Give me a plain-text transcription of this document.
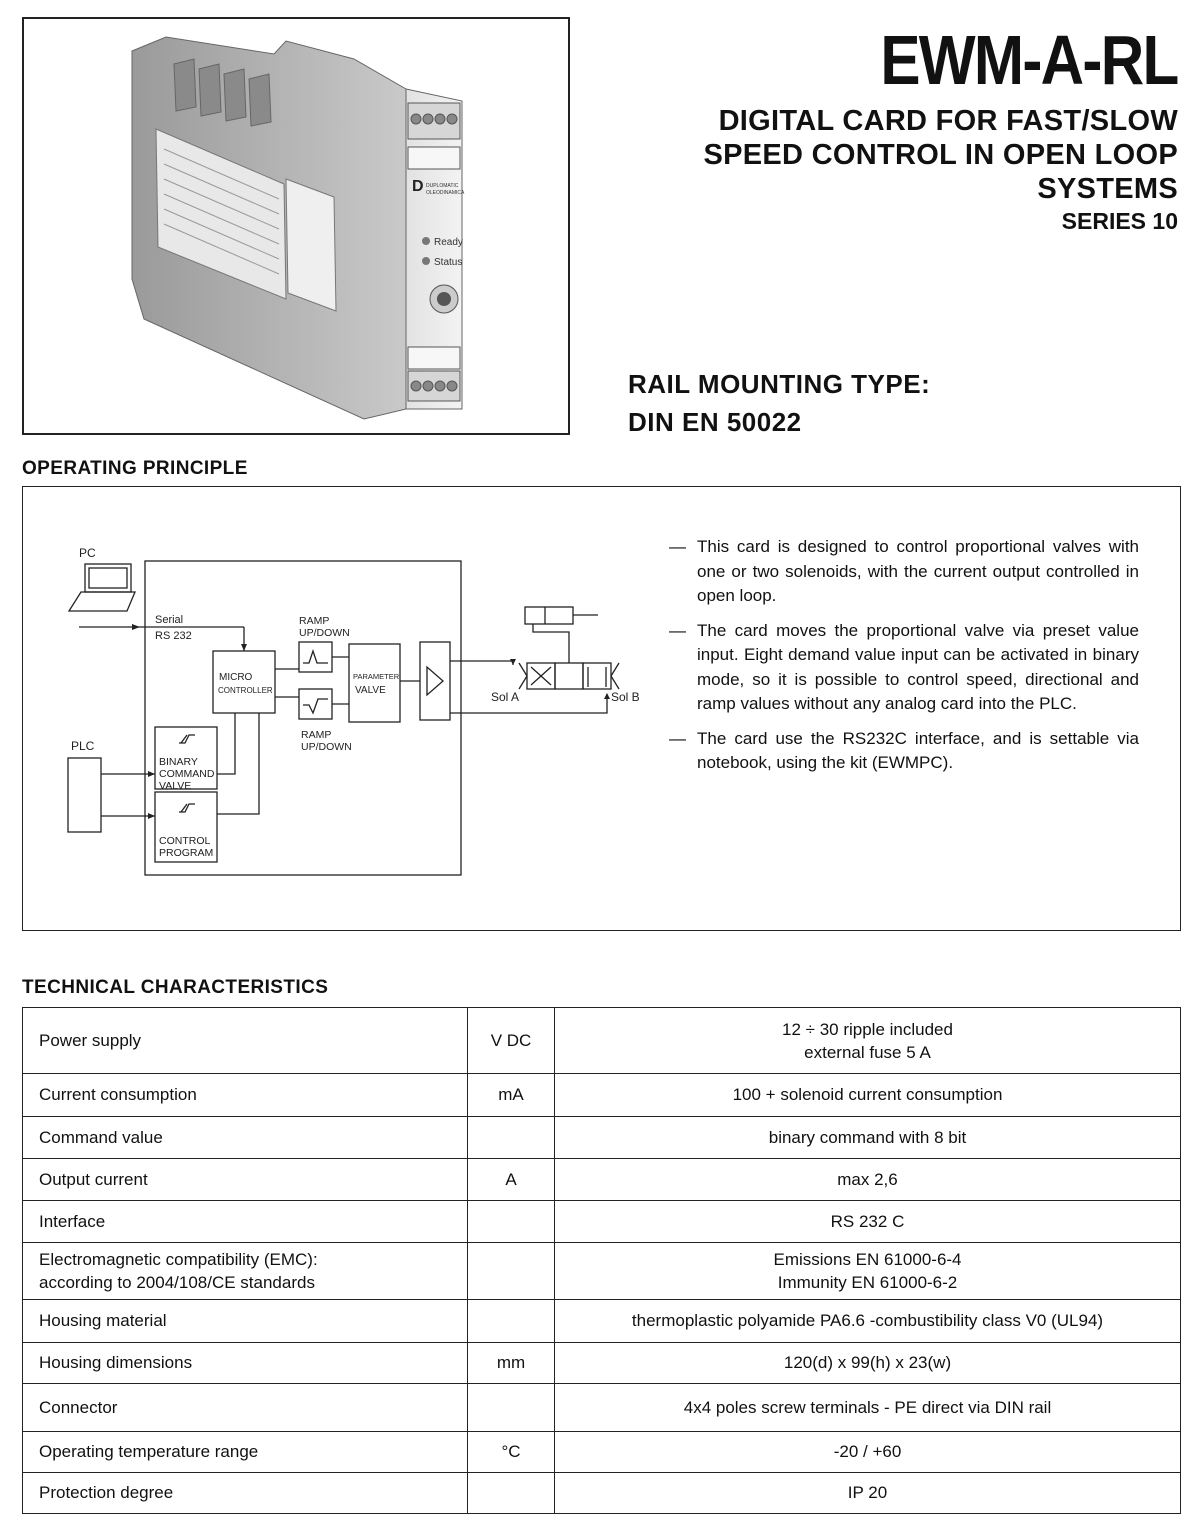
D DUPLOMATIC
OLEODINAMICA
Ready
Status
EWM-A-RL
DIGITAL CARD FOR FAST/SLOW
SPEED CONTROL IN OPEN LOOP
SYSTEMS
SERIES 10
RAIL MOUNTING TYPE:
DIN EN 50022
OPERATING PRINCIPLE
PC
PLC
Serial
RS 232
RAMP
UP/DOWN
RAMP
UP/DOWN
MICRO
CONTROLLER
PARAMETER
VALVE
BINARY
COMMAND
VALVE
CONTROL
PROGRAM
Sol A	Sol B
— This card is designed to control proportional valves with one or two solenoids, with the current output controlled in open loop.
— The card moves the proportional valve via preset value input. Eight demand value input can be activated in binary mode, so it is possible to control speed, directional and ramp values without any analog card into the PLC.
— The card use the RS232C interface, and is settable via notebook, using the kit (EWMPC).
TECHNICAL CHARACTERISTICS
Power supply	V DC	12 ÷ 30 ripple included
external fuse 5 A
Current consumption	mA	100 + solenoid current consumption
Command value		binary command with 8 bit
Output current	A	max 2,6
Interface		RS 232 C
Electromagnetic compatibility (EMC):
according to 2004/108/CE standards		Emissions EN 61000-6-4
Immunity EN 61000-6-2
Housing material		thermoplastic polyamide PA6.6 -combustibility class V0 (UL94)
Housing dimensions	mm	120(d) x 99(h) x 23(w)
Connector		4x4 poles screw terminals - PE direct via DIN rail
Operating temperature range	°C	-20 / +60
Protection degree		IP 20
